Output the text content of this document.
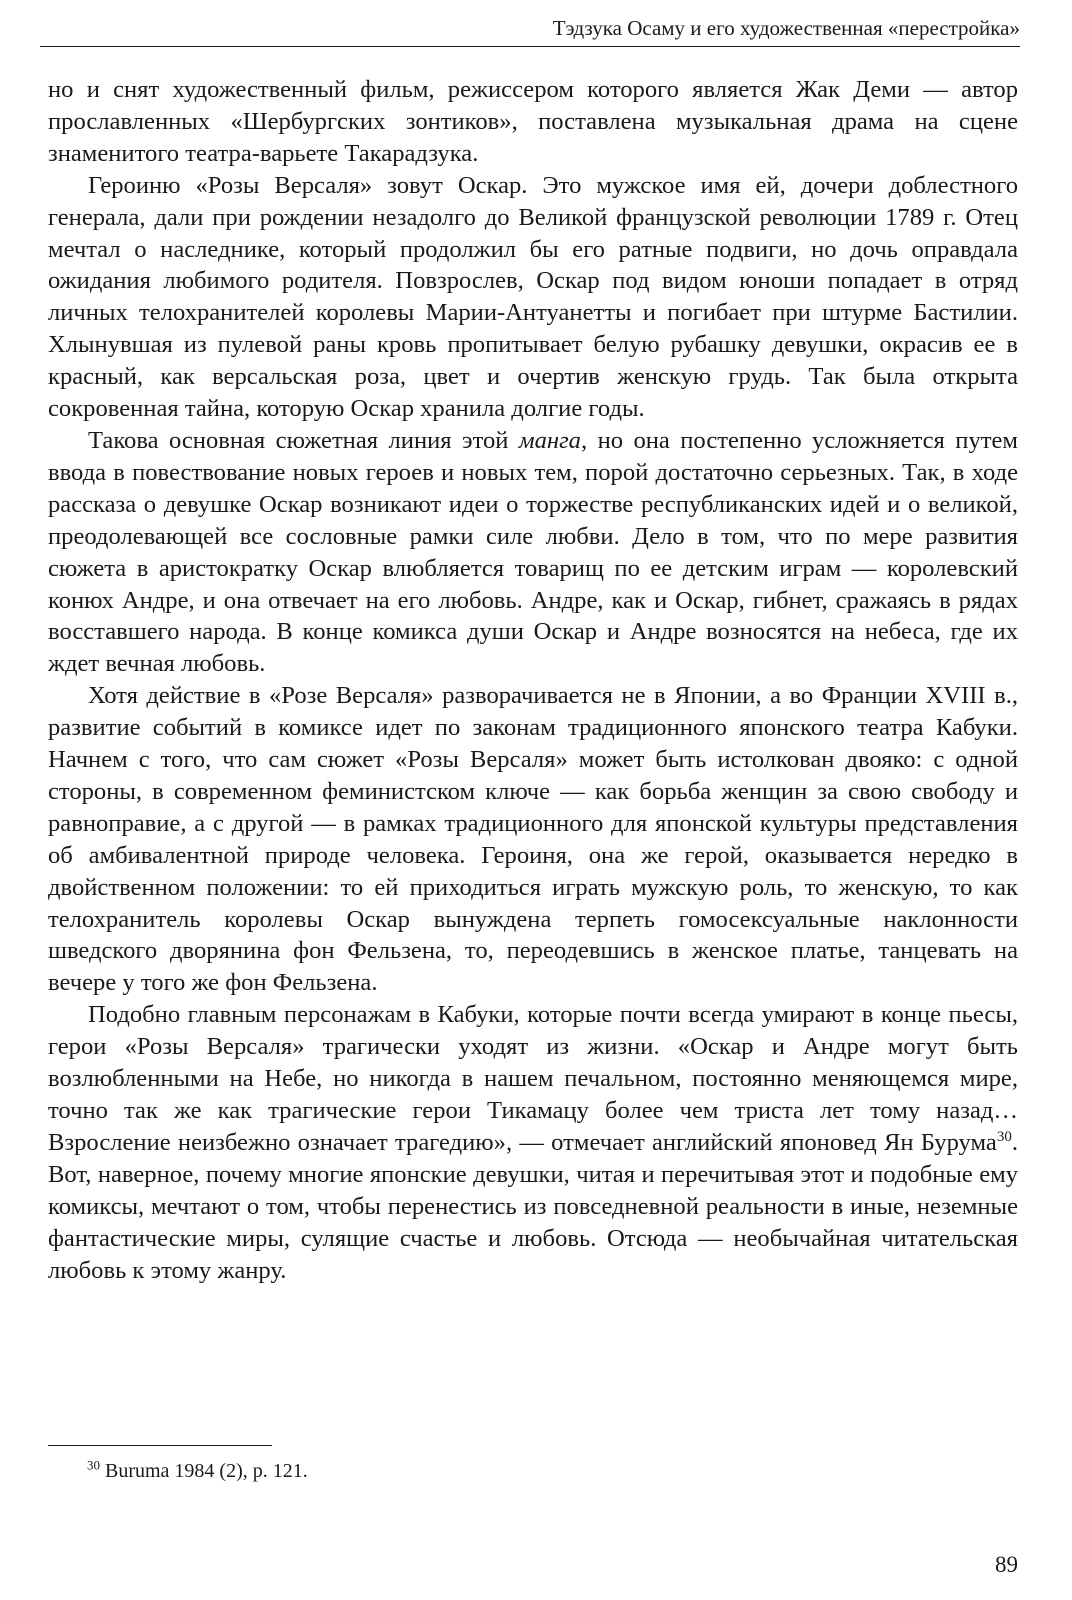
Тэдзука Осаму и его художественная «перестройка»

но и снят художественный фильм, режиссером которого является Жак Деми — автор прославленных «Шербургских зонтиков», поставлена музыкальная драма на сцене знаменитого театра-варьете Такарадзука.

Героиню «Розы Версаля» зовут Оскар. Это мужское имя ей, дочери доблестного генерала, дали при рождении незадолго до Великой французской революции 1789 г. Отец мечтал о наследнике, который продолжил бы его ратные подвиги, но дочь оправдала ожидания любимого родителя. Повзрослев, Оскар под видом юноши попадает в отряд личных телохранителей королевы Марии-Антуанетты и погибает при штурме Бастилии. Хлынувшая из пулевой раны кровь пропитывает белую рубашку девушки, окрасив ее в красный, как версальская роза, цвет и очертив женскую грудь. Так была открыта сокровенная тайна, которую Оскар хранила долгие годы.

Такова основная сюжетная линия этой манга, но она постепенно усложняется путем ввода в повествование новых героев и новых тем, порой достаточно серьезных. Так, в ходе рассказа о девушке Оскар возникают идеи о торжестве республиканских идей и о великой, преодолевающей все сословные рамки силе любви. Дело в том, что по мере развития сюжета в аристократку Оскар влюбляется товарищ по ее детским играм — королевский конюх Андре, и она отвечает на его любовь. Андре, как и Оскар, гибнет, сражаясь в рядах восставшего народа. В конце комикса души Оскар и Андре возносятся на небеса, где их ждет вечная любовь.

Хотя действие в «Розе Версаля» разворачивается не в Японии, а во Франции XVIII в., развитие событий в комиксе идет по законам традиционного японского театра Кабуки. Начнем с того, что сам сюжет «Розы Версаля» может быть истолкован двояко: с одной стороны, в современном феминистском ключе — как борьба женщин за свою свободу и равноправие, а с другой — в рамках традиционного для японской культуры представления об амбивалентной природе человека. Героиня, она же герой, оказывается нередко в двойственном положении: то ей приходиться играть мужскую роль, то женскую, то как телохранитель королевы Оскар вынуждена терпеть гомосексуальные наклонности шведского дворянина фон Фельзена, то, переодевшись в женское платье, танцевать на вечере у того же фон Фельзена.

Подобно главным персонажам в Кабуки, которые почти всегда умирают в конце пьесы, герои «Розы Версаля» трагически уходят из жизни. «Оскар и Андре могут быть возлюбленными на Небе, но никогда в нашем печальном, постоянно меняющемся мире, точно так же как трагические герои Тикамацу более чем триста лет тому назад… Взросление неизбежно означает трагедию», — отмечает английский японовед Ян Бурума$^{30}$. Вот, наверное, почему многие японские девушки, читая и перечитывая этот и подобные ему комиксы, мечтают о том, чтобы перенестись из повседневной реальности в иные, неземные фантастические миры, сулящие счастье и любовь. Отсюда — необычайная читательская любовь к этому жанру.

$^{30}$ Buruma 1984 (2), p. 121.
89
